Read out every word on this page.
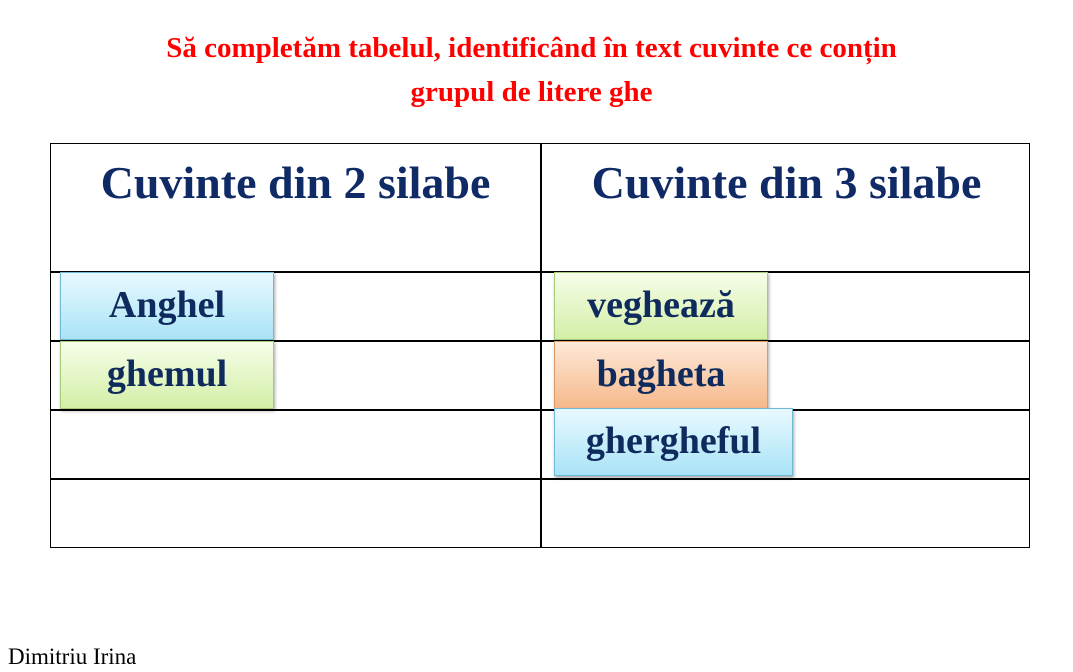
Să completăm tabelul, identificând în text cuvinte ce conțin
grupul de litere ghe
Cuvinte din 2 silabe	Cuvinte din 3 silabe
Anghel
ghemul
veghează
bagheta
ghergheful

Dimitriu Irina
